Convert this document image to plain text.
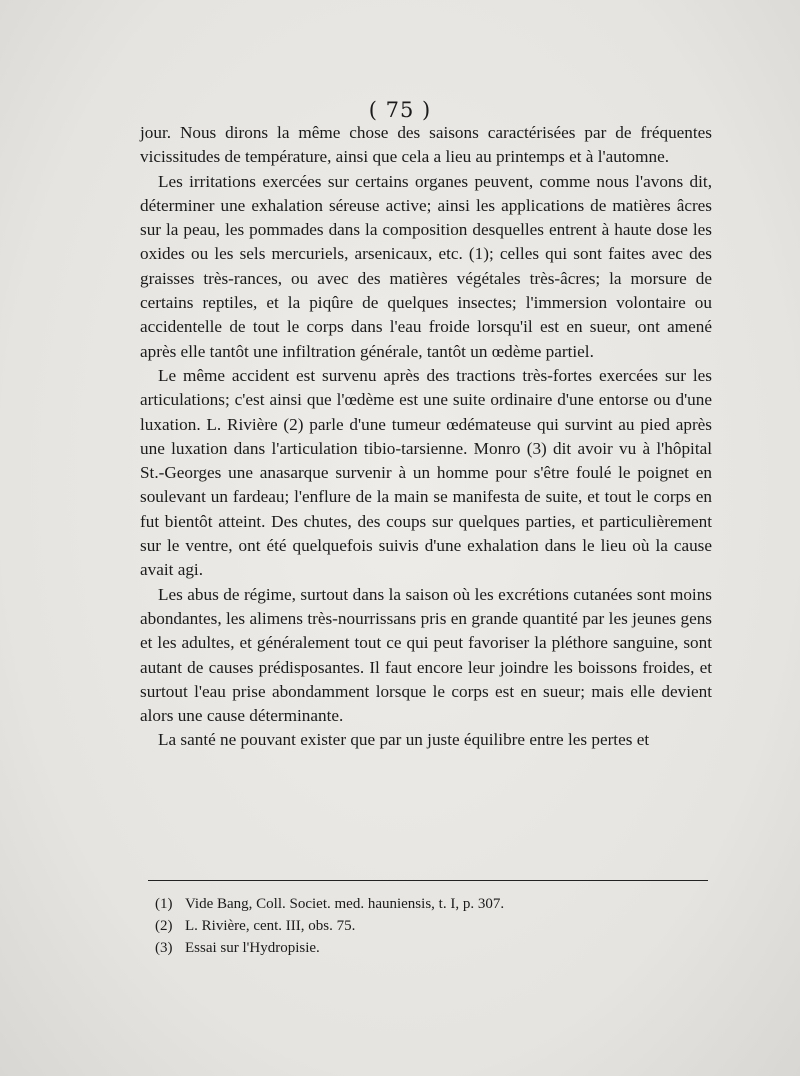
( 75 )

jour. Nous dirons la même chose des saisons caractérisées par de fréquentes vicissitudes de température, ainsi que cela a lieu au printemps et à l'automne.

Les irritations exercées sur certains organes peuvent, comme nous l'avons dit, déterminer une exhalation séreuse active; ainsi les applications de matières âcres sur la peau, les pommades dans la composition desquelles entrent à haute dose les oxides ou les sels mercuriels, arsenicaux, etc. (1); celles qui sont faites avec des graisses très-rances, ou avec des matières végétales très-âcres; la morsure de certains reptiles, et la piqûre de quelques insectes; l'immersion volontaire ou accidentelle de tout le corps dans l'eau froide lorsqu'il est en sueur, ont amené après elle tantôt une infiltration générale, tantôt un œdème partiel.

Le même accident est survenu après des tractions très-fortes exercées sur les articulations; c'est ainsi que l'œdème est une suite ordinaire d'une entorse ou d'une luxation. L. Rivière (2) parle d'une tumeur œdémateuse qui survint au pied après une luxation dans l'articulation tibio-tarsienne. Monro (3) dit avoir vu à l'hôpital St.-Georges une anasarque survenir à un homme pour s'être foulé le poignet en soulevant un fardeau; l'enflure de la main se manifesta de suite, et tout le corps en fut bientôt atteint. Des chutes, des coups sur quelques parties, et particulièrement sur le ventre, ont été quelquefois suivis d'une exhalation dans le lieu où la cause avait agi.

Les abus de régime, surtout dans la saison où les excrétions cutanées sont moins abondantes, les alimens très-nourrissans pris en grande quantité par les jeunes gens et les adultes, et généralement tout ce qui peut favoriser la pléthore sanguine, sont autant de causes prédisposantes. Il faut encore leur joindre les boissons froides, et surtout l'eau prise abondamment lorsque le corps est en sueur; mais elle devient alors une cause déterminante.

La santé ne pouvant exister que par un juste équilibre entre les pertes et

(1) Vide Bang, Coll. Societ. med. hauniensis, t. I, p. 307.

(2) L. Rivière, cent. III, obs. 75.

(3) Essai sur l'Hydropisie.
